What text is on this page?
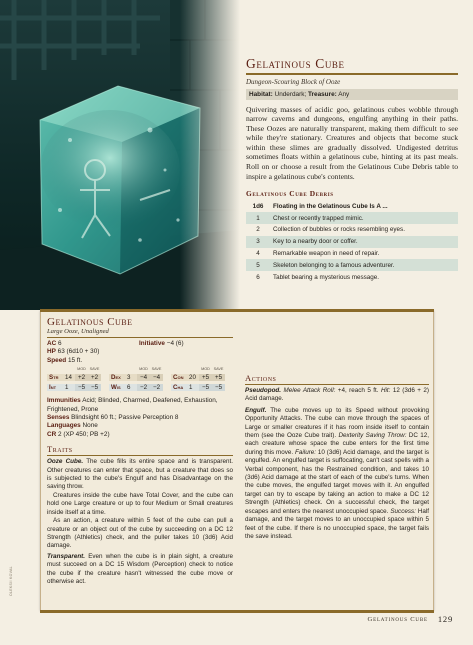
Gelatinous Cube
Dungeon-Scouring Block of Ooze
Habitat: Underdark; Treasure: Any

Quivering masses of acidic goo, gelatinous cubes wobble through narrow caverns and dungeons, engulfing anything in their paths. These Oozes are naturally transparent, making them difficult to see while they're stationary. Creatures and objects that become stuck within these slimes are gradually dissolved. Undigested detritus sometimes floats within a gelatinous cube, hinting at its past meals. Roll on or choose a result from the Gelatinous Cube Debris table to inspire a gelatinous cube's contents.

Gelatinous Cube Debris
1d6	Floating in the Gelatinous Cube Is A ...
1	Chest or recently trapped mimic.
2	Collection of bubbles or rocks resembling eyes.
3	Key to a nearby door or coffer.
4	Remarkable weapon in need of repair.
5	Skeleton belonging to a famous adventurer.
6	Tablet bearing a mysterious message.
Gelatinous Cube
Large Ooze, Unaligned
AC 6	Initiative −4 (6)
HP 63 (6d10 + 30)
Speed 15 ft.
MOD SAVE	MOD SAVE	MOD SAVE
Str	14 +2 +2	Dex 3	−4 −4	Con 20 +5 +5
Int	1	−5 −5	Wis	6	−2 −2	Cha 1	−5 −5
Immunities Acid; Blinded, Charmed, Deafened, Exhaustion, Frightened, Prone
Senses Blindsight 60 ft.; Passive Perception 8
Languages None
CR 2 (XP 450; PB +2)
Traits

Ooze Cube. The cube fills its entire space and is transparent. Other creatures can enter that space, but a creature that does so is subjected to the cube's Engulf and has Disadvantage on the saving throw.

Creatures inside the cube have Total Cover, and the cube can hold one Large creature or up to four Medium or Small creatures inside itself at a time.

As an action, a creature within 5 feet of the cube can pull a creature or an object out of the cube by succeeding on a DC 12 Strength (Athletics) check, and the puller takes 10 (3d6) Acid damage.

Transparent. Even when the cube is in plain sight, a creature must succeed on a DC 15 Wisdom (Perception) check to notice the cube if the creature hasn't witnessed the cube move or otherwise act.

Actions

Pseudopod. Melee Attack Roll: +4, reach 5 ft. Hit: 12 (3d6 + 2) Acid damage.

Engulf. The cube moves up to its Speed without provoking Opportunity Attacks. The cube can move through the spaces of Large or smaller creatures if it has room inside itself to contain them (see the Ooze Cube trait). Dexterity Saving Throw: DC 12, each creature whose space the cube enters for the first time during this move. Failure: 10 (3d6) Acid damage, and the target is engulfed. An engulfed target is suffocating, can't cast spells with a Verbal component, has the Restrained condition, and takes 10 (3d6) Acid damage at the start of each of the cube's turns. When the cube moves, the engulfed target moves with it. An engulfed target can try to escape by taking an action to make a DC 12 Strength (Athletics) check. On a successful check, the target escapes and enters the nearest unoccupied space. Success: Half damage, and the target moves to an unoccupied space within 5 feet of the cube. If there is no unoccupied space, the target fails the save instead.

OLEKSII KOVAL
Gelatinous Cube 129
